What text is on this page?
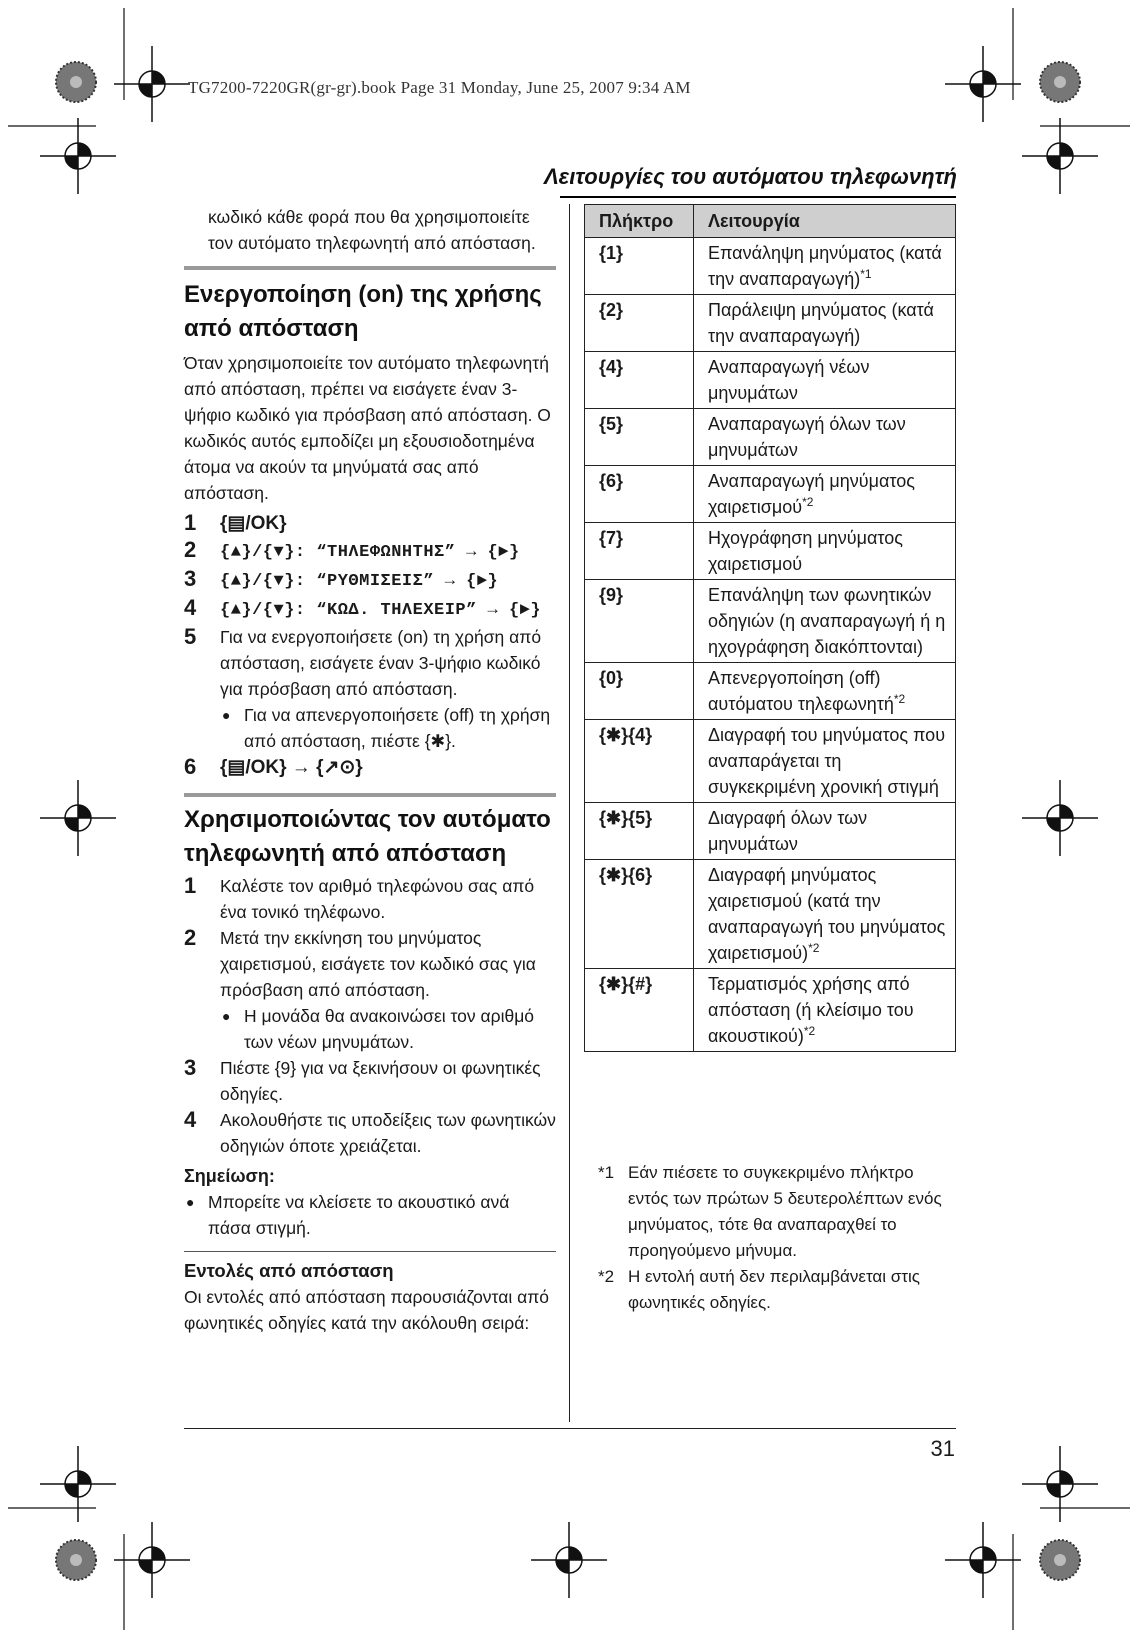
TG7200-7220GR(gr-gr).book Page 31 Monday, June 25, 2007 9:34 AM
Λειτουργίες του αυτόματου τηλεφωνητή
κωδικό κάθε φορά που θα χρησιμοποιείτε τον αυτόματο τηλεφωνητή από απόσταση.
Ενεργοποίηση (on) της χρήσης από απόσταση
Όταν χρησιμοποιείτε τον αυτόματο τηλεφωνητή από απόσταση, πρέπει να εισάγετε έναν 3-ψήφιο κωδικό για πρόσβαση από απόσταση. Ο κωδικός αυτός εμποδίζει μη εξουσιοδοτημένα άτομα να ακούν τα μηνύματά σας από απόσταση.
1 {▤/OK}
2 {▲}/{▼}: “ΤΗΛΕΦΩΝΗΤΗΣ” → {►}
3 {▲}/{▼}: “ΡΥΘΜΙΣΕΙΣ” → {►}
4 {▲}/{▼}: “ΚΩΔ. ΤΗΛΕΧΕΙΡ” → {►}
5 Για να ενεργοποιήσετε (on) τη χρήση από απόσταση, εισάγετε έναν 3-ψήφιο κωδικό για πρόσβαση από απόσταση.
● Για να απενεργοποιήσετε (off) τη χρήση από απόσταση, πιέστε {✱}.
6 {▤/OK} → {↗⊙}
Χρησιμοποιώντας τον αυτόματο τηλεφωνητή από απόσταση
1 Καλέστε τον αριθμό τηλεφώνου σας από ένα τονικό τηλέφωνο.
2 Μετά την εκκίνηση του μηνύματος χαιρετισμού, εισάγετε τον κωδικό σας για πρόσβαση από απόσταση.
● Η μονάδα θα ανακοινώσει τον αριθμό των νέων μηνυμάτων.
3 Πιέστε {9} για να ξεκινήσουν οι φωνητικές οδηγίες.
4 Ακολουθήστε τις υποδείξεις των φωνητικών οδηγιών όποτε χρειάζεται.
Σημείωση:
● Μπορείτε να κλείσετε το ακουστικό ανά πάσα στιγμή.
Εντολές από απόσταση
Οι εντολές από απόσταση παρουσιάζονται από φωνητικές οδηγίες κατά την ακόλουθη σειρά:
Πλήκτρο	Λειτουργία
{1}	Επανάληψη μηνύματος (κατά την αναπαραγωγή)$^{*1}$
{2}	Παράλειψη μηνύματος (κατά την αναπαραγωγή)
{4}	Αναπαραγωγή νέων μηνυμάτων
{5}	Αναπαραγωγή όλων των μηνυμάτων
{6}	Αναπαραγωγή μηνύματος χαιρετισμού$^{*2}$
{7}	Ηχογράφηση μηνύματος χαιρετισμού
{9}	Επανάληψη των φωνητικών οδηγιών (η αναπαραγωγή ή η ηχογράφηση διακόπτονται)
{0}	Απενεργοποίηση (off) αυτόματου τηλεφωνητή$^{*2}$
{✱}{4}	Διαγραφή του μηνύματος που αναπαράγεται τη συγκεκριμένη χρονική στιγμή
{✱}{5}	Διαγραφή όλων των μηνυμάτων
{✱}{6}	Διαγραφή μηνύματος χαιρετισμού (κατά την αναπαραγωγή του μηνύματος χαιρετισμού)$^{*2}$
{✱}{#}	Τερματισμός χρήσης από απόσταση (ή κλείσιμο του ακουστικού)$^{*2}$
*1 Εάν πιέσετε το συγκεκριμένο πλήκτρο εντός των πρώτων 5 δευτερολέπτων ενός μηνύματος, τότε θα αναπαραχθεί το προηγούμενο μήνυμα.
*2 Η εντολή αυτή δεν περιλαμβάνεται στις φωνητικές οδηγίες.
31
